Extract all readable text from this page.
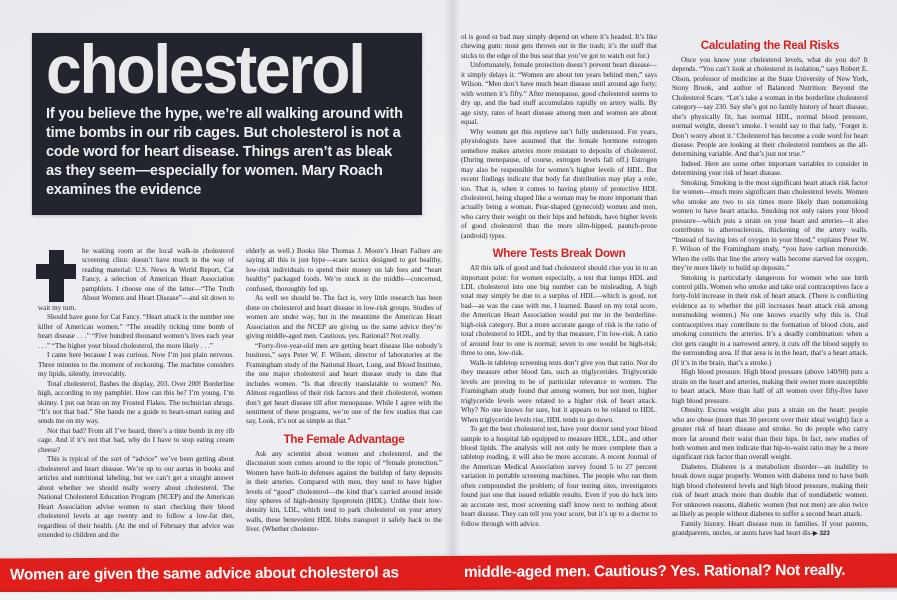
cholesterol
If you believe the hype, we’re all walking around with time bombs in our rib cages. But cholesterol is not a code word for heart disease. Things aren’t as bleak as they seem—especially for women. Mary Roach examines the evidence

he waiting room at the local walk-in cholesterol screening clinic doesn’t have much in the way of reading material: U.S. News & World Report, Cat Fancy, a selection of American Heart Association pamphlets. I choose one of the latter—“The Truth About Women and Heart Disease”—and sit down to wait my turn.

Should have gone for Cat Fancy. “Heart attack is the number one killer of American women.” “The steadily ticking time bomb of heart disease . . .” “Five hundred thousand women’s lives each year . . .” “The higher your blood cholesterol, the more likely . . .”

I came here because I was curious. Now I’m just plain nervous. Three minutes to the moment of reckoning. The machine considers my lipids, silently, irrevocably.

Total cholesterol, flashes the display, 203. Over 200! Borderline high, according to my pamphlet. How can this be? I’m young. I’m skinny. I put oat bran on my Frosted Flakes. The technician shrugs. “It’s not that bad.” She hands me a guide to heart-smart eating and sends me on my way.

Not that bad? From all I’ve heard, there’s a time bomb in my rib cage. And if it’s not that bad, why do I have to stop eating cream cheese?

This is typical of the sort of “advice” we’ve been getting about cholesterol and heart disease. We’re up to our aortas in books and articles and nutritional labeling, but we can’t get a straight answer about whether we should really worry about cholesterol. The National Cholesterol Education Program (NCEP) and the American Heart Association advise women to start checking their blood cholesterol levels at age twenty and to follow a low-fat diet, regardless of their health. (At the end of February that advice was extended to children and the

elderly as well.) Books like Thomas J. Moore’s Heart Failure are saying all this is just hype—scare tactics designed to get healthy, low-risk individuals to spend their money on lab fees and “heart healthy” packaged foods. We’re stuck in the middle—concerned, confused, thoroughly fed up.

As well we should be. The fact is, very little research has been done on cholesterol and heart disease in low-risk groups. Studies of women are under way, but in the meantime the American Heart Association and the NCEP are giving us the same advice they’re giving middle-aged men. Cautious, yes. Rational? Not really.

“Forty-five-year-old men are getting heart disease like nobody’s business,” says Peter W. F. Wilson, director of laboratories at the Framingham study of the National Heart, Lung, and Blood Institute, the one major cholesterol and heart disease study to date that includes women. “Is that directly translatable to women? No. Almost regardless of their risk factors and their cholesterol, women don’t get heart disease till after menopause. While I agree with the sentiment of these programs, we’re one of the few studies that can say, Look, it’s not as simple as that.”

The Female Advantage

Ask any scientist about women and cholesterol, and the discussion soon comes around to the topic of “female protection.” Women have built-in defenses against the buildup of fatty deposits in their arteries. Compared with men, they tend to have higher levels of “good” cholesterol—the kind that’s carried around inside tiny spheres of high-density lipoprotein (HDL). Unlike their low-density kin, LDL, which tend to park cholesterol on your artery walls, these benevolent HDL blobs transport it safely back to the liver. (Whether cholester-

ol is good or bad may simply depend on where it’s headed. It’s like chewing gum: most gets thrown out in the trash; it’s the stuff that sticks to the edge of the bus seat that you’ve got to watch out for.)

Unfortunately, female protection doesn’t prevent heart disease—it simply delays it. “Women are about ten years behind men,” says Wilson. “Men don’t have much heart disease until around age forty; with women it’s fifty.” After menopause, good cholesterol seems to dry up, and the bad stuff accumulates rapidly on artery walls. By age sixty, rates of heart disease among men and women are about equal.

Why women get this reprieve isn’t fully understood. For years, physiologists have assumed that the female hormone estrogen somehow makes arteries more resistant to deposits of cholesterol. (During menopause, of course, estrogen levels fall off.) Estrogen may also be responsible for women’s higher levels of HDL. But recent findings indicate that body fat distribution may play a role, too. That is, when it comes to having plenty of protective HDL cholesterol, being shaped like a woman may be more important than actually being a woman. Pear-shaped (gynecoid) women and men, who carry their weight on their hips and behinds, have higher levels of good cholesterol than the more slim-hipped, paunch-prone (android) types.

Where Tests Break Down

All this talk of good and bad cholesterol should clue you in to an important point: for women especially, a test that lumps HDL and LDL cholesterol into one big number can be misleading. A high total may simply be due to a surplus of HDL—which is good, not bad—as was the case with me, I learned. Based on my total score, the American Heart Association would put me in the borderline-high-risk category. But a more accurate gauge of risk is the ratio of total cholesterol to HDL, and by that measure, I’m low-risk. A ratio of around four to one is normal; seven to one would be high-risk; three to one, low-risk.

Walk-in tabletop screening tests don’t give you that ratio. Nor do they measure other blood fats, such as triglycerides. Triglyceride levels are proving to be of particular relevance to women. The Framingham study found that among women, but not men, higher triglyceride levels were related to a higher risk of heart attack. Why? No one knows for sure, but it appears to be related to HDL. When triglyceride levels rise, HDL tends to go down.

To get the best cholesterol test, have your doctor send your blood sample to a hospital lab equipped to measure HDL, LDL, and other blood lipids. The analysis will not only be more complete than a tabletop reading, it will also be more accurate. A recent Journal of the American Medical Association survey found 5 to 27 percent variation in portable screening machines. The people who ran them often compounded the problem; of four testing sites, investigators found just one that issued reliable results. Even if you do luck into an accurate test, most screening staff know next to nothing about heart disease. They can tell you your score, but it’s up to a doctor to follow through with advice.

Calculating the Real Risks

Once you know your cholesterol levels, what do you do? It depends. “You can’t look at cholesterol in isolation,” says Robert E. Olson, professor of medicine at the State University of New York, Stony Brook, and author of Balanced Nutrition: Beyond the Cholesterol Scare. “Let’s take a woman in the borderline cholesterol category—say 230. Say she’s got no family history of heart disease, she’s physically fit, has normal HDL, normal blood pressure, normal weight, doesn’t smoke. I would say to that lady, ‘Forget it. Don’t worry about it.’ Cholesterol has become a code word for heart disease. People are looking at their cholesterol numbers as the all-determining variable. And that’s just not true.”

Indeed. Here are some other important variables to consider in determining your risk of heart disease.

Smoking. Smoking is the most significant heart attack risk factor for women—much more significant than cholesterol levels. Women who smoke are two to six times more likely than nonsmoking women to have heart attacks. Smoking not only raises your blood pressure—which puts a strain on your heart and arteries—it also contributes to atherosclerosis, thickening of the artery walls. “Instead of having lots of oxygen in your blood,” explains Peter W. F. Wilson of the Framingham study, “you have carbon monoxide. When the cells that line the artery walls become starved for oxygen, they’re more likely to build up deposits.”

Smoking is particularly dangerous for women who use birth control pills. Women who smoke and take oral contraceptives face a forty-fold increase in their risk of heart attack. (There is conflicting evidence as to whether the pill increases heart attack risk among nonsmoking women.) No one knows exactly why this is. Oral contraceptives may contribute to the formation of blood clots, and smoking constricts the arteries. It’s a deadly combination: when a clot gets caught in a narrowed artery, it cuts off the blood supply to the surrounding area. If that area is in the heart, that’s a heart attack. (If it’s in the brain, that’s a stroke.)

High blood pressure. High blood pressure (above 140/90) puts a strain on the heart and arteries, making their owner more susceptible to heart attack. More than half of all women over fifty-five have high blood pressure.

Obesity. Excess weight also puts a strain on the heart: people who are obese (more than 30 percent over their ideal weight) face a greater risk of heart disease and stroke. So do people who carry more fat around their waist than their hips. In fact, new studies of both women and men indicate that hip-to-waist ratio may be a more significant risk factor than overall weight.

Diabetes. Diabetes is a metabolism disorder—an inability to break down sugar properly. Women with diabetes tend to have both high blood cholesterol levels and high blood pressure, making their risk of heart attack more than double that of nondiabetic women. For unknown reasons, diabetic women (but not men) are also twice as likely as people without diabetes to suffer a second heart attack.

Family history. Heart disease runs in families. If your parents, grandparents, uncles, or aunts have had heart dis-▶ 323

Women are given the same advice about cholesterol as	middle-aged men. Cautious? Yes. Rational? Not really.
